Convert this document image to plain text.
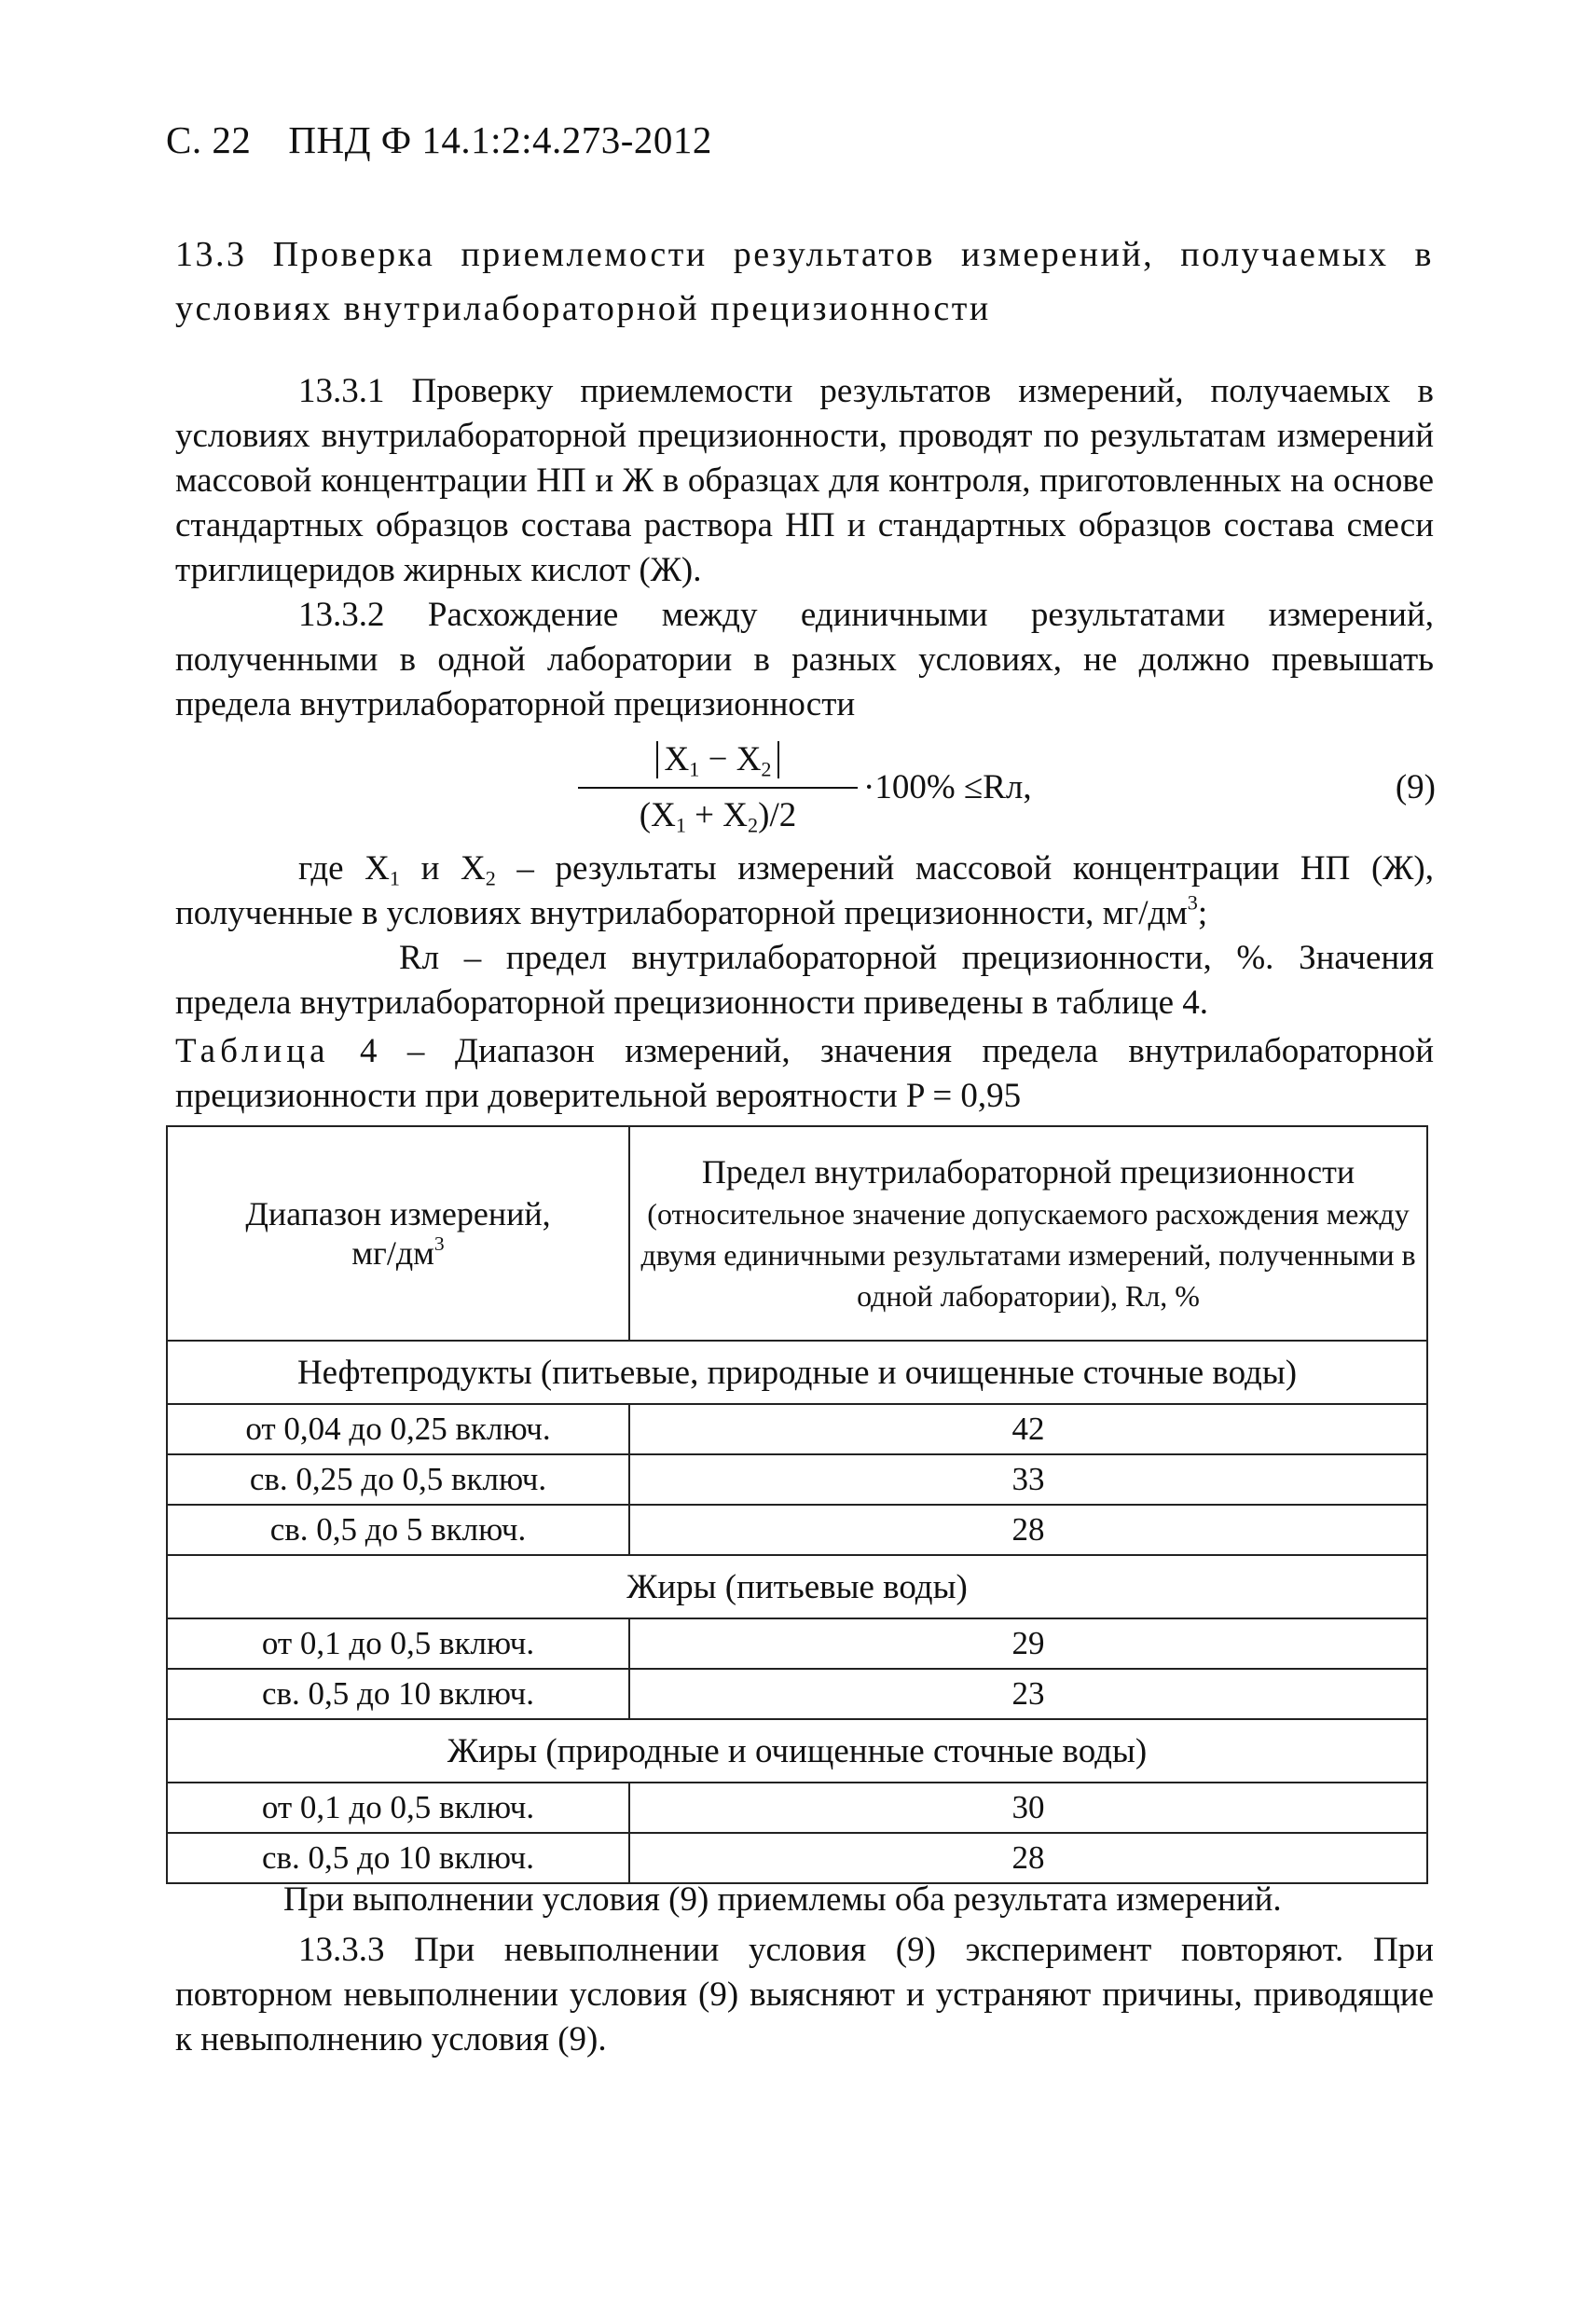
С. 22 ПНД Ф 14.1:2:4.273-2012

13.3 Проверка приемлемости результатов измерений, получаемых в условиях внутрилабораторной прецизионности

13.3.1 Проверку приемлемости результатов измерений, получаемых в условиях внутрилабораторной прецизионности, проводят по результатам измерений массовой концентрации НП и Ж в образцах для контроля, приготовленных на основе стандартных образцов состава раствора НП и стандартных образцов состава смеси триглицеридов жирных кислот (Ж).

13.3.2 Расхождение между единичными результатами измерений, полученными в одной лаборатории в разных условиях, не должно превышать предела внутрилабораторной прецизионности

$X_1 - X_2$
$(X_1 + X_2)/2$
·100% ≤Rл,	(9)

где $X_1$ и $X_2$ – результаты измерений массовой концентрации НП (Ж), полученные в условиях внутрилабораторной прецизионности, $мг/дм^3$;

Rл – предел внутрилабораторной прецизионности, %. Значения предела внутрилабораторной прецизионности приведены в таблице 4.

Таблица 4 – Диапазон измерений, значения предела внутрилабораторной прецизионности при доверительной вероятности P = 0,95

Диапазон измерений,
$мг/дм^3$	Предел внутрилабораторной прецизионности
(относительное значение допускаемого расхождения между двумя единичными результатами измерений, полученными в одной лаборатории), Rл, %
Нефтепродукты (питьевые, природные и очищенные сточные воды)	
от 0,04 до 0,25 включ.	42
св. 0,25 до 0,5 включ.	33
св. 0,5 до 5 включ.	28
Жиры (питьевые воды)	
от 0,1 до 0,5 включ.	29
св. 0,5 до 10 включ.	23
Жиры (природные и очищенные сточные воды)	
от 0,1 до 0,5 включ.	30
св. 0,5 до 10 включ.	28

При выполнении условия (9) приемлемы оба результата измерений.

13.3.3 При невыполнении условия (9) эксперимент повторяют. При повторном невыполнении условия (9) выясняют и устраняют причины, приводящие к невыполнению условия (9).
